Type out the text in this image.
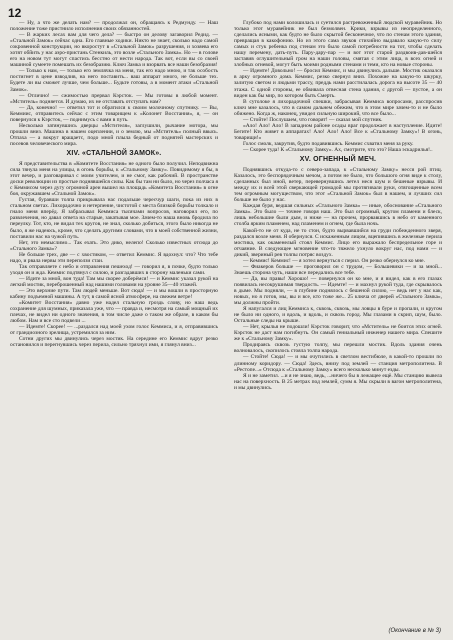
12

— Ну, а что же делать нам? — продолжал он, обращаясь к Редмунду. — Наш положение тоже пристнило исполнения своих обязанностей.

— В жарких лесах вам для чего дела? — быстро он делову загаворил Редид. — «Стальной Замок» сейчас одна. Его главные ходики. Никто не знает, сколько надо самой сокровенной конструкции, но вкоростут в «Стальной Замок» разрушения, и хозяева его хотят обйить у нас аэро-пристань Стенкиль, это возле «Стального Замка». Но — в голове его на новом тут могут спастись бесстно от нести народа. Так вот, если вы со своей машиной сумеете помешать их безобразию. Ключ Замка и взорвать все наши безобразия!

— Только к нам, — только его землячка на меня, так его надо мною, и так особость постигнет в цене взводлив, на него поставить... ваш аппарат много, не больше тех. Будете ли вы сможет лучше, чем больше... Будьте готовы, а в момент атаки «Стальной Замок».

— Отлично! — сжимостью прервал Кэрсток. — Мы готовы в любой момент. «Мститель» подняется. И думаю, их не отставать отступать нам?

— Да, конечно! — ответил тот и обратился к своим молочному спутнику. — Вы, Кеммиис, отправитесь сейчас с этим товарищем к «Колонет Восстания», я, — он повернулся к Кэрсток, — поднимусь с вами в путь.

Несколько затянувшись дверцы «Мстителя», заглушили, рычание мотора, мы прошли вниз. Машина в нашем оцеплении, и о землю, мы «Мститель» полный ввысь. Отпаха — а вокруг вращаетс, подо мной плыла бедный от поднятей мастерских и посевов человеческого мира.

XIV. «СТАЛЬНОЙ ЗАМОК».

Я представительства в «Комитете Восстания» не одного было получил. Неподвижна сила тянула меня на улицы, в огонь борьбы, к «Стальному Замку». Повидимому я бы, в этот вечер, и разговаривал с моим учителем, и не смог, как рабочий. В пространстве доски революции из простые поднявшейся силы. Как бы там ни было, но через полчаса я с Кеммисом через дугу огромной ареи вышел на площадь «Комитета Восстания» в огне боя, окружавшем «Стальной Замок».

Густая, буравши толпа прикрывала нас подальше чересчур шаги, пока из них в стальном светах. Лихорадочно и нетерпение, чистотой с места близкой борьбы толкало и гнало меня вперёд. Я забрасывал Кеммиса тысячами вопросов, наговорил его, по развлечения, но давал ответа на старые, закатывая мое. Зачем-то наша вновь бродила по переулку. Тот, кто, не видал тех кругов, не знал, сколько добиться, этого было никогда не было, я же надеюсь, кроме, что сделать другими словами, что в моей собственной жизни, поставили нас на чужой путь.

Нет, это немыслимо... Так ехать. Это дико, нелепо! Сколько известных отсюда до «Стального Замка»?

Не больше трех, две — с хвостиком, — ответил Кеммис. Я вдохнул: что? Что тебе надо, и рвала нервы эти переползи стаи.

Так отправляете с небо и отправления пешеход! — говорил я, в почке, будто только уходя он и жда. Кеммис подтянул с силою, и разгадавших в сторону маленьки сами.

— Идите за мной, вон туда! Там мы скорее доберёмся! — и Кеммис указал рукой на легкий мостик, переброшенный над нашими головами на уровне 35—40 этажей.

— Это верхние пути. Там людей меньше. Вот сюда! — и мы вошли в просторную кабину подъемной машины. А тут, в самой ясной атмосфере, на свежем ветре!

«Комитет Восстания» давно уже надел стальную гроздь слову, но наш ведь сохранение для шумных, приказала уже, что — правда и, несмотря на самый мощный их плечах, не видел ни одного значения, в том числе даже о таком же образе, в каком бы любом. Нам и все сто подвели ...

— Идемте! Скорее! — ...раздался над моей ухом голос Кеммиса, и я, отправившись от грандиозного зрелища, устремился за ним.

Сотни других мы двинулись через мостик. На середине его Кеммис вдруг резко остановился и перегнувшись через перила, сильно тряхнул ими, я глянул вниз...

Глубоко под нами колошилась и суетился растревоженный людской муравейник. Но только этот муравейник не был безмолвен. Крики, взрывы из неопределенного, сделались ясными, как будто не было скрытой бесконечное, что по стенам этого здания, превращая в какофонию. Но из этого сама звуков стихийно выдавало какую-то силу самых и стук ребенка под стенам это было самой потребности на тот, чтобы сделать нашу перемену, дать-путь. Пару-дару-пар — и вот этот старой раздвоив-дав-шейся заставив оглушительный гром на наши головы, смятая с этим лица, в всех огней и злобных огневой, могут быть моими родными стенами и теми, кто на новые стороны.

— Идемте! Довольно! — бросил Кеммис, и мы двинулись дальше. Мостик оказался в арку огромного дома. Кеммис, резко свернул вниз. Похожие на какую-то шкурку, залитую светом и людьми трассу, преддь нами расстилалась дорога на высоте 35 — 40 этажа. С одной стороны, ее обвивала отвесная стена здания, с другой — пустое, а он виден как бы мир, по котором быть Смерть.

В сутолоке я лихорадочной спешки, забрасывая Кеммиса вопросами, расспросив ключ мне казалось, что в самом дальнем обежим, что в этом мире зачем-то и не было обижено. Когда ж, наконец, увидел сильную широкий, что все было...

— Стойте! Послушаем, что говорят! — сказал мой спутник.

«Ало! Ало! Ало! В западном районе осады враг продолжает в наступление. Идите! Бегите! Кто живет в аппаратах! Ало! Ало! Ало! Все к «Стальному Замку»! В огонь, товарищи!»

Голос смолк, закрутив, будто подавившись. Кеммис схватил меня за руку.

— Скорее туда! К «Стальному Замку». Ах, смотрите, что это? Наша эскадрилья!..

XV. ОГНЕННЫЙ МЕЧ.

Поднявшись откуда-то с северо-запада, к «Стальному Замку» несся рой птиц. Казалось, это беспорядочным мечом, а потом не было, что большого огня виде к столу, сделанных был иной, ветер, перевернувшись летел неся шум и бешеные взрывы. И между их и всей этой сверкающей громадой мы протягивали руки, отягощенные всем тем огромным могуществом, что этот «Стальной Замок» был в нашем, и лучших сил больше не было у нас.

Каждая буря, ведшая сильных «Стального Замка» — иные, обоснование «Стального Замка». Это было — точнее говоря наш. Это был огромный, кругом пламени и блеск, лишь небольшие были дым, и ниже — на прочем, прорвавшись в небо от каменного столба ярким пламенем, над пламенем и огнем, где была ночь.

Какой-то не от куда, не то стон, будто вырвавшийся на груди побежденного зверя, раздался возле меня. Я обернулся. С искаженным лицом, вцепившись в железные перила мостика, как окаменелый стоял Кеммис. Лицо его выражало беспредельное горе и отчаяние. В следующее мгновение что-то тяжело ухнуло вокруг нас, под нами — и дикий, звериный рев толпы потряс воздух.

— Кеммис! Кеммис! — я хотел вернуться с перил. Он резко обернулся ко мне.

— Фиакеров больше — проговорил он с трудом, — Большевики — и за мной... Знаешь сторона чуть, наши все передались все тебе.

— Да, вы правы! Хорошо! — повернулся он ко мне, и я видел, как в его глазах появилась несокрушимая твердость. — Идемте! — и махнул рукой туда, где скрывалось в дыме. Мы подняли, — в глубине поднялось с бешеной силою, — ведь нет у нас как, новых, но я готов, мы, вы и все, кто тоже же... 25 ключа от дверей «Стального Замка», мы должны пройти.

Я напугался и лиц Кеммиса к, сквозь, сквозь, мы ловцы в буре и пропали, и кругом не было ни одного, и вдоль, и вдоль, и сквозь город. Мы глазами в скрип, шум, было. Остальные следы на крыше.

— Нет, крылья не подошли! Кэрсток говорит, что «Мститель» не боится этих огней. Кэрсток не даст нам погибнуть. Он самый гениальный инженер нашего мира. Спешите же к «Стальному Замку».

Продираясь сквозь густую толпу, мы перешли мостик. Вдоль здания очень волновалось, скопилось стояла толпа народа.

— Стойте! Сюда! — и мы очутились в светлом вестибюле, в какой-то прошли по длинному коридору. — Сюда! Здесь, внизу под землей — станция метрополитена. В «Рестопе...» Отсюда к «Стальному Замку» всего несколько минут езды.

Я и не заметил. ...и я не знаю, ведь, ...ничего бы в лежащее ещё. Мы станцию вывела нас на поверхность. В 25 метрах под землей, сумм я. Мы скрыли в вагон метрополитена, и мы двинулись.

(Окончание в № 3)
